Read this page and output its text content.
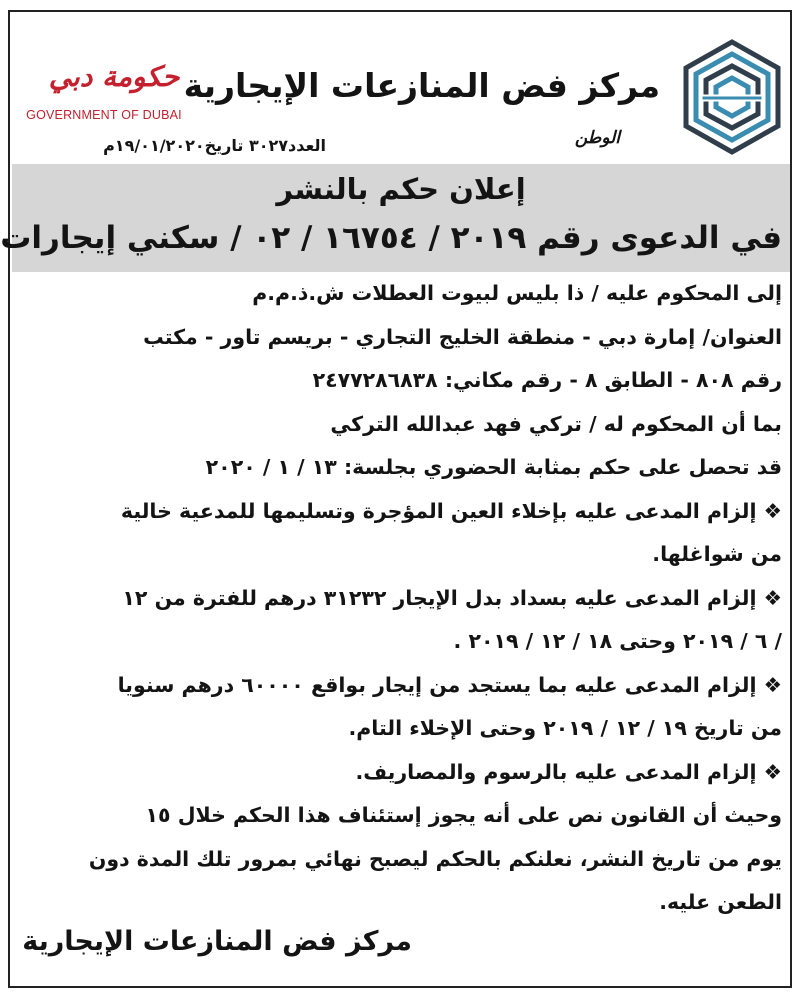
مركز فض المنازعات الإيجارية
الوطن
العدد٣٠٢٧ تاريخ١٩/٠١/٢٠٢٠م
حكومة دبي
GOVERNMENT OF DUBAI
إعلان حكم بالنشر
في الدعوى رقم ٢٠١٩ / ١٦٧٥٤ / ٠٢ / سكني إيجارات

إلى المحكوم عليه / ذا بليس لبيوت العطلات ش.ذ.م.م

العنوان/ إمارة دبي - منطقة الخليج التجاري - بريسم تاور - مكتب

رقم ٨٠٨ - الطابق ٨ - رقم مكاني: ٢٤٧٧٢٨٦٨٣٨

بما أن المحكوم له / تركي فهد عبدالله التركي

قد تحصل على حكم بمثابة الحضوري بجلسة: ١٣ / ١ / ٢٠٢٠

❖ إلزام المدعى عليه بإخلاء العين المؤجرة وتسليمها للمدعية خالية

من شواغلها.

❖ إلزام المدعى عليه بسداد بدل الإيجار ٣١٢٣٢ درهم للفترة من ١٢

/ ٦ / ٢٠١٩ وحتى ١٨ / ١٢ / ٢٠١٩ .

❖ إلزام المدعى عليه بما يستجد من إيجار بواقع ٦٠٠٠٠ درهم سنويا

من تاريخ ١٩ / ١٢ / ٢٠١٩ وحتى الإخلاء التام.

❖ إلزام المدعى عليه بالرسوم والمصاريف.

وحيث أن القانون نص على أنه يجوز إستئناف هذا الحكم خلال ١٥

يوم من تاريخ النشر، نعلنكم بالحكم ليصبح نهائي بمرور تلك المدة دون

الطعن عليه.

مركز فض المنازعات الإيجارية
